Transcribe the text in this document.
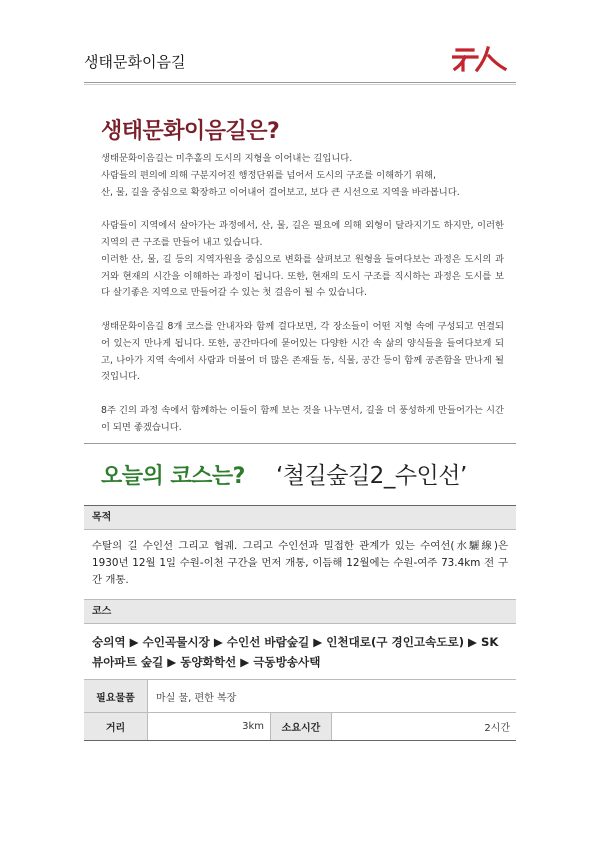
생태문화이음길
생태문화이음길은?

생태문화이음길는 미추홀의 도시의 지형을 이어내는 길입니다.
사람들의 편의에 의해 구분지어진 행정단위를 넘어서 도시의 구조를 이해하기 위해,
산, 물, 길을 중심으로 확장하고 이어내어 걸어보고, 보다 큰 시선으로 지역을 바라봅니다.

사람들이 지역에서 살아가는 과정에서, 산, 물, 길은 필요에 의해 외형이 달라지기도 하지만, 이러한 지역의 큰 구조를 만들어 내고 있습니다.
이러한 산, 물, 길 등의 지역자원을 중심으로 변화를 살펴보고 원형을 들여다보는 과정은 도시의 과거와 현재의 시간을 이해하는 과정이 됩니다. 또한, 현재의 도시 구조를 직시하는 과정은 도시를 보다 살기좋은 지역으로 만들어갈 수 있는 첫 걸음이 될 수 있습니다.

생태문화이음길 8개 코스를 안내자와 함께 걸다보면, 각 장소들이 어떤 지형 속에 구성되고 연결되어 있는지 만나게 됩니다. 또한, 공간마다에 묻어있는 다양한 시간 속 삶의 양식들을 들여다보게 되고, 나아가 지역 속에서 사람과 더불어 더 많은 존재들 동, 식물, 공간 등이 함께 공존함을 만나게 될 것입니다.

8주 긴의 과정 속에서 함께하는 이들이 함께 보는 것을 나누면서, 길을 더 풍성하게 만들어가는 시간이 되면 좋겠습니다.

오늘의 코스는? ‘철길숲길2_수인선’
목적
수탈의 길 수인선 그리고 협궤. 그리고 수인선과 밀접한 관계가 있는 수여선(水驪線)은 1930년 12월 1일 수원-이천 구간을 먼저 개통, 이듬해 12월에는 수원-여주 73.4km 전 구간 개통.
코스
숭의역 ▶ 수인곡물시장 ▶ 수인선 바람숲길 ▶ 인천대로(구 경인고속도로) ▶ SK뷰아파트 숲길 ▶ 동양화학선 ▶ 극동방송사택
필요물품	마실 물, 편한 복장
거리	3km	소요시간	2시간
